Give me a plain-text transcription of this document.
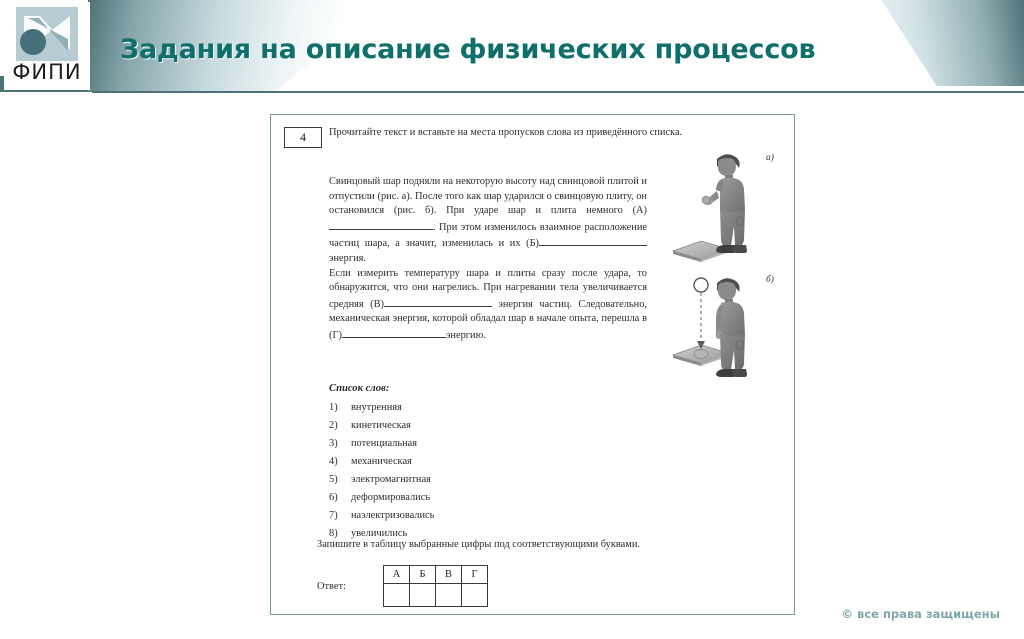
ФИПИ
Задания на описание физических процессов
4	Прочитайте текст и вставьте на места пропусков слова из приведённого списка.

Свинцовый шар подняли на некоторую высоту над свинцовой плитой и отпустили (рис. а). После того как шар ударился о свинцовую плиту, он остановился (рис. б). При ударе шар и плита немного (А). При этом изменилось взаимное расположение частиц шара, а значит, изменилась и их (Б) энергия.

Если измерить температуру шара и плиты сразу после удара, то обнаружится, что они нагрелись. При нагревании тела увеличивается средняя (В)	энергия частиц. Следовательно, механическая энергия, которой обладал шар в начале опыта, перешла в (Г)	энергию.

Список слов:
1) внутренняя
2) кинетическая
3) потенциальная
4) механическая
5) электромагнитная
6) деформировались
7) наэлектризовались
8) увеличились
Запишите в таблицу выбранные цифры под соответствующими буквами.
Ответ:
А	Б	В	Г

а)
б)
© все права защищены
